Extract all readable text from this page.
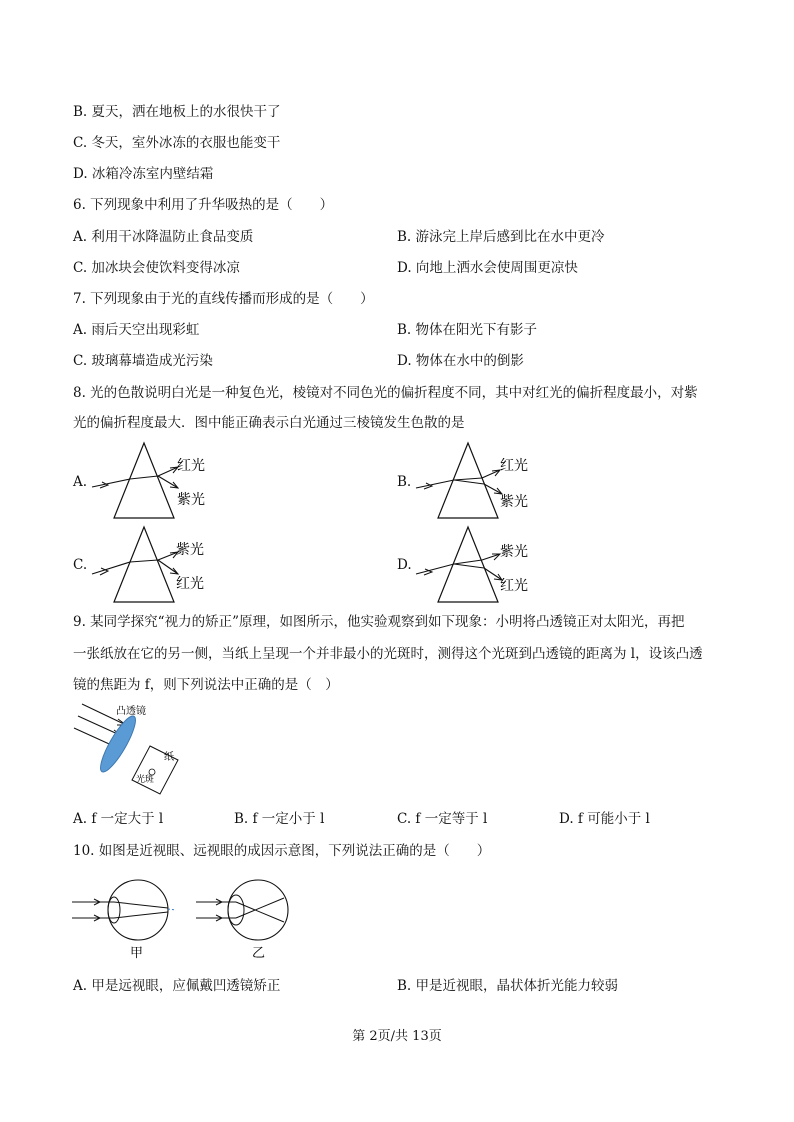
B. 夏天，洒在地板上的水很快干了
C. 冬天，室外冰冻的衣服也能变干
D. 冰箱冷冻室内壁结霜
6. 下列现象中利用了升华吸热的是（　　）
A. 利用干冰降温防止食品变质	B. 游泳完上岸后感到比在水中更冷
C. 加冰块会使饮料变得冰凉	D. 向地上洒水会使周围更凉快
7. 下列现象由于光的直线传播而形成的是（　　）
A. 雨后天空出现彩虹	B. 物体在阳光下有影子
C. 玻璃幕墙造成光污染	D. 物体在水中的倒影
8. 光的色散说明白光是一种复色光，棱镜对不同色光的偏折程度不同，其中对红光的偏折程度最小，对紫
光的偏折程度最大．图中能正确表示白光通过三棱镜发生色散的是
A.
红光
紫光
B.
红光
紫光
C.
紫光
红光
D.
紫光
红光
9. 某同学探究“视力的矫正”原理，如图所示，他实验观察到如下现象：小明将凸透镜正对太阳光，再把
一张纸放在它的另一侧，当纸上呈现一个并非最小的光斑时，测得这个光斑到凸透镜的距离为 l，设该凸透
镜的焦距为 f，则下列说法中正确的是（　）
凸透镜
纸
光斑
A. f 一定大于 l	B. f 一定小于 l	C. f 一定等于 l	D. f 可能小于 l
10. 如图是近视眼、远视眼的成因示意图，下列说法正确的是（　　）
甲	乙
A. 甲是远视眼，应佩戴凹透镜矫正	B. 甲是近视眼，晶状体折光能力较弱
第 2页/共 13页
